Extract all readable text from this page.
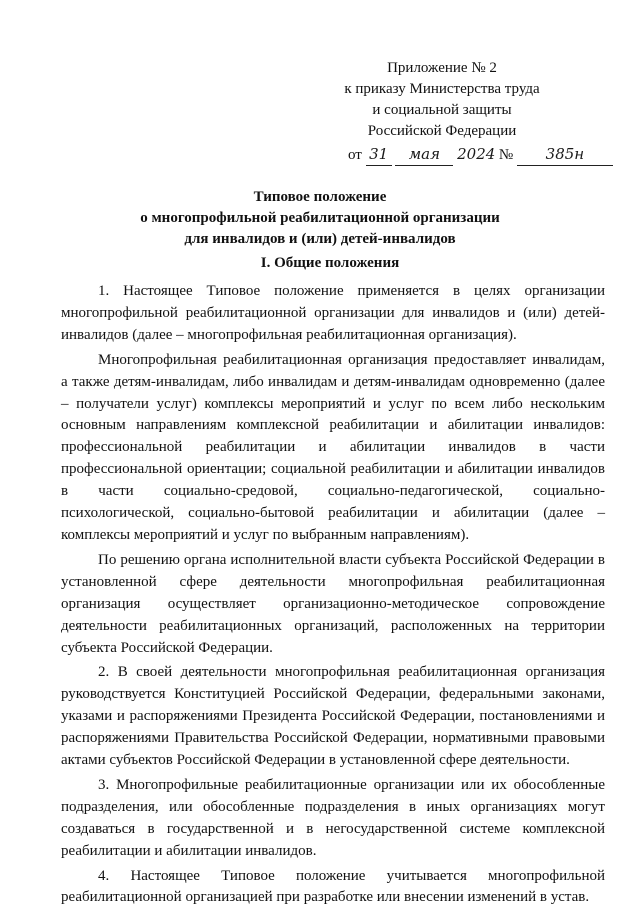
Приложение № 2
к приказу Министерства труда
и социальной защиты
Российской Федерации
от 31 мая 2024 № 385н
Типовое положение
о многопрофильной реабилитационной организации
для инвалидов и (или) детей-инвалидов
I. Общие положения

1. Настоящее Типовое положение применяется в целях организации многопрофильной реабилитационной организации для инвалидов и (или) детей-инвалидов (далее – многопрофильная реабилитационная организация).

Многопрофильная реабилитационная организация предоставляет инвалидам, а также детям-инвалидам, либо инвалидам и детям-инвалидам одновременно (далее – получатели услуг) комплексы мероприятий и услуг по всем либо нескольким основным направлениям комплексной реабилитации и абилитации инвалидов: профессиональной реабилитации и абилитации инвалидов в части профессиональной ориентации; социальной реабилитации и абилитации инвалидов в части социально-средовой, социально-педагогической, социально-психологической, социально-бытовой реабилитации и абилитации (далее – комплексы мероприятий и услуг по выбранным направлениям).

По решению органа исполнительной власти субъекта Российской Федерации в установленной сфере деятельности многопрофильная реабилитационная организация осуществляет организационно-методическое сопровождение деятельности реабилитационных организаций, расположенных на территории субъекта Российской Федерации.

2. В своей деятельности многопрофильная реабилитационная организация руководствуется Конституцией Российской Федерации, федеральными законами, указами и распоряжениями Президента Российской Федерации, постановлениями и распоряжениями Правительства Российской Федерации, нормативными правовыми актами субъектов Российской Федерации в установленной сфере деятельности.

3. Многопрофильные реабилитационные организации или их обособленные подразделения, или обособленные подразделения в иных организациях могут создаваться в государственной и в негосударственной системе комплексной реабилитации и абилитации инвалидов.

4. Настоящее Типовое положение учитывается многопрофильной реабилитационной организацией при разработке или внесении изменений в устав.
